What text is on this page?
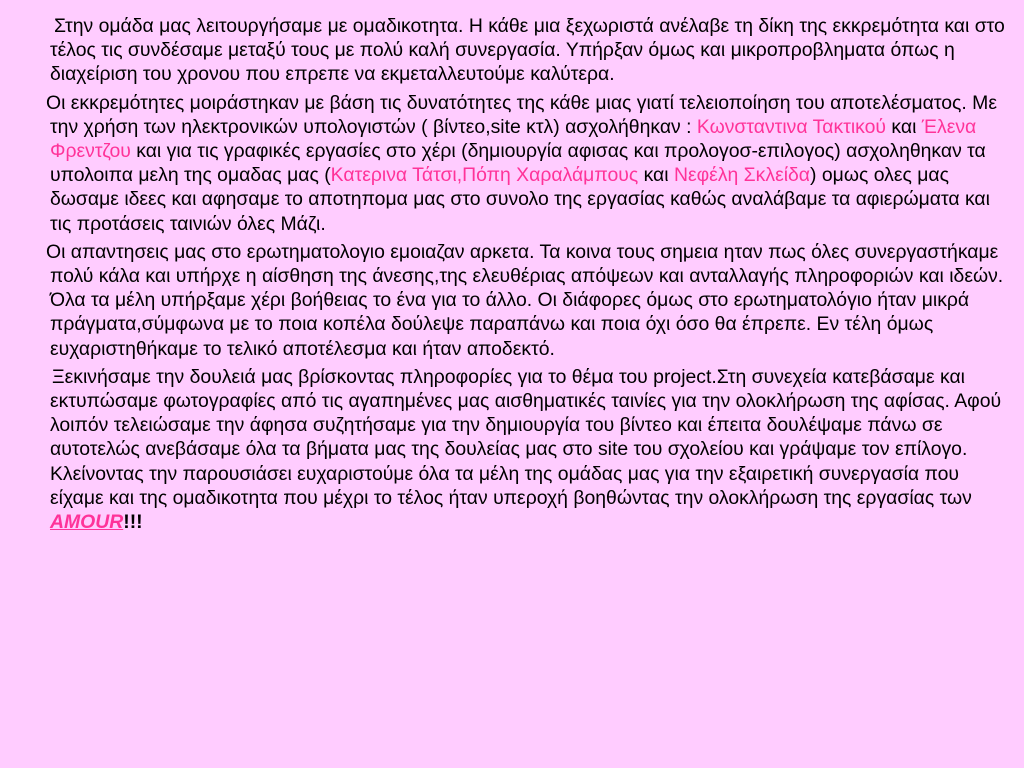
Στην ομάδα μας λειτουργήσαμε με ομαδικοτητα. Η κάθε μια ξεχωριστά ανέλαβε τη δίκη της εκκρεμότητα και στο τέλος τις συνδέσαμε μεταξύ τους με πολύ καλή συνεργασία. Υπήρξαν όμως και μικροπροβληματα όπως η διαχείριση του χρονου που επρεπε να εκμεταλλευτούμε καλύτερα.

Οι εκκρεμότητες μοιράστηκαν με βάση τις δυνατότητες της κάθε μιας γιατί τελειοποίηση του αποτελέσματος. Με την χρήση των ηλεκτρονικών υπολογιστών ( βίντεο,site κτλ) ασχολήθηκαν : Κωνσταντινα Τακτικού και Έλενα Φρεντζου και για τις γραφικές εργασίες στο χέρι (δημιουργία αφισας και προλογοσ-επιλογος) ασχοληθηκαν τα υπολοιπα μελη της ομαδας μας (Κατερινα Τάτσι,Πόπη Χαραλάμπους και Νεφέλη Σκλείδα) ομως ολες μας δωσαμε ιδεες και αφησαμε το αποτηπομα μας στο συνολο της εργασίας καθώς αναλάβαμε τα αφιερώματα και τις προτάσεις ταινιών όλες Μάζι.

Οι απαντησεις μας στο ερωτηματολογιο εμοιαζαν αρκετα. Τα κοινα τους σημεια ηταν πως όλες συνεργαστήκαμε πολύ κάλα και υπήρχε η αίσθηση της άνεσης,της ελευθέριας απόψεων και ανταλλαγής πληροφοριών και ιδεών. Όλα τα μέλη υπήρξαμε χέρι βοήθειας το ένα για το άλλο. Οι διάφορες όμως στο ερωτηματολόγιο ήταν μικρά πράγματα,σύμφωνα με το ποια κοπέλα δούλεψε παραπάνω και ποια όχι όσο θα έπρεπε. Εν τέλη όμως ευχαριστηθήκαμε το τελικό αποτέλεσμα και ήταν αποδεκτό.

Ξεκινήσαμε την δουλειά μας βρίσκοντας πληροφορίες για το θέμα του project.Στη συνεχεία κατεβάσαμε και εκτυπώσαμε φωτογραφίες από τις αγαπημένες μας αισθηματικές ταινίες για την ολοκλήρωση της αφίσας. Αφού λοιπόν τελειώσαμε την άφησα συζητήσαμε για την δημιουργία του βίντεο και έπειτα δουλέψαμε πάνω σε αυτοτελώς ανεβάσαμε όλα τα βήματα μας της δουλείας μας στο site του σχολείου και γράψαμε τον επίλογο.

Κλείνοντας την παρουσιάσει ευχαριστούμε όλα τα μέλη της ομάδας μας για την εξαιρετική συνεργασία που είχαμε και της ομαδικοτητα που μέχρι το τέλος ήταν υπεροχή βοηθώντας την ολοκλήρωση της εργασίας των AMOUR!!!
